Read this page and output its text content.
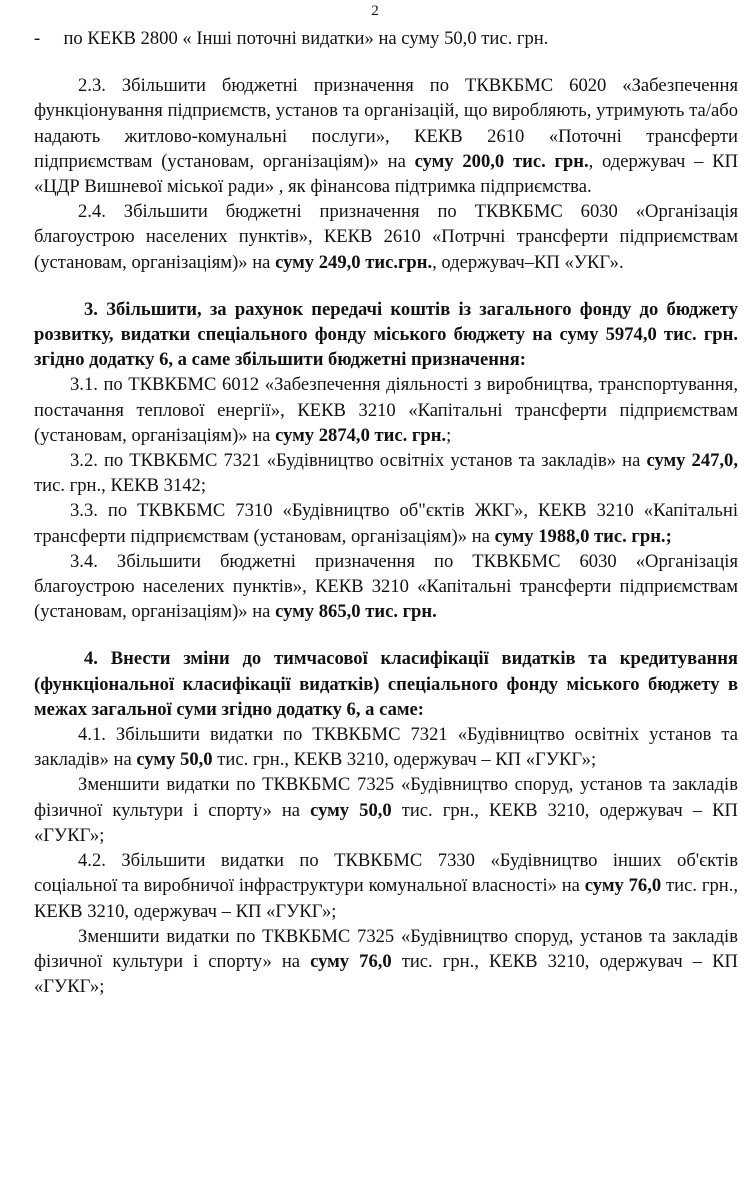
2

- по КЕКВ 2800 « Інші поточні видатки» на суму 50,0 тис. грн.

2.3. Збільшити бюджетні призначення по ТКВКБМС 6020 «Забезпечення функціонування підприємств, установ та організацій, що виробляють, утримують та/або надають житлово-комунальні послуги», КЕКВ 2610 «Поточні трансферти підприємствам (установам, організаціям)» на суму 200,0 тис. грн., одержувач – КП «ЦДР Вишневої міської ради» , як фінансова підтримка підприємства.

2.4. Збільшити бюджетні призначення по ТКВКБМС 6030 «Організація благоустрою населених пунктів», КЕКВ 2610 «Потрчні трансферти підприємствам (установам, організаціям)» на суму 249,0 тис.грн., одержувач–КП «УКГ».

3. Збільшити, за рахунок передачі коштів із загального фонду до бюджету розвитку, видатки спеціального фонду міського бюджету на суму 5974,0 тис. грн. згідно додатку 6, а саме збільшити бюджетні призначення:

3.1. по ТКВКБМС 6012 «Забезпечення діяльності з виробництва, транспортування, постачання теплової енергії», КЕКВ 3210 «Капітальні трансферти підприємствам (установам, організаціям)» на суму 2874,0 тис. грн.;

3.2. по ТКВКБМС 7321 «Будівництво освітніх установ та закладів» на суму 247,0, тис. грн., КЕКВ 3142;

3.3. по ТКВКБМС 7310 «Будівництво об"єктів ЖКГ», КЕКВ 3210 «Капітальні трансферти підприємствам (установам, організаціям)» на суму 1988,0 тис. грн.;

3.4. Збільшити бюджетні призначення по ТКВКБМС 6030 «Організація благоустрою населених пунктів», КЕКВ 3210 «Капітальні трансферти підприємствам (установам, організаціям)» на суму 865,0 тис. грн.

4. Внести зміни до тимчасової класифікації видатків та кредитування (функціональної класифікації видатків) спеціального фонду міського бюджету в межах загальної суми згідно додатку 6, а саме:

4.1. Збільшити видатки по ТКВКБМС 7321 «Будівництво освітніх установ та закладів» на суму 50,0 тис. грн., КЕКВ 3210, одержувач – КП «ГУКГ»;

Зменшити видатки по ТКВКБМС 7325 «Будівництво споруд, установ та закладів фізичної культури і спорту» на суму 50,0 тис. грн., КЕКВ 3210, одержувач – КП «ГУКГ»;

4.2. Збільшити видатки по ТКВКБМС 7330 «Будівництво інших об'єктів соціальної та виробничої інфраструктури комунальної власності» на суму 76,0 тис. грн., КЕКВ 3210, одержувач – КП «ГУКГ»;

Зменшити видатки по ТКВКБМС 7325 «Будівництво споруд, установ та закладів фізичної культури і спорту» на суму 76,0 тис. грн., КЕКВ 3210, одержувач – КП «ГУКГ»;
